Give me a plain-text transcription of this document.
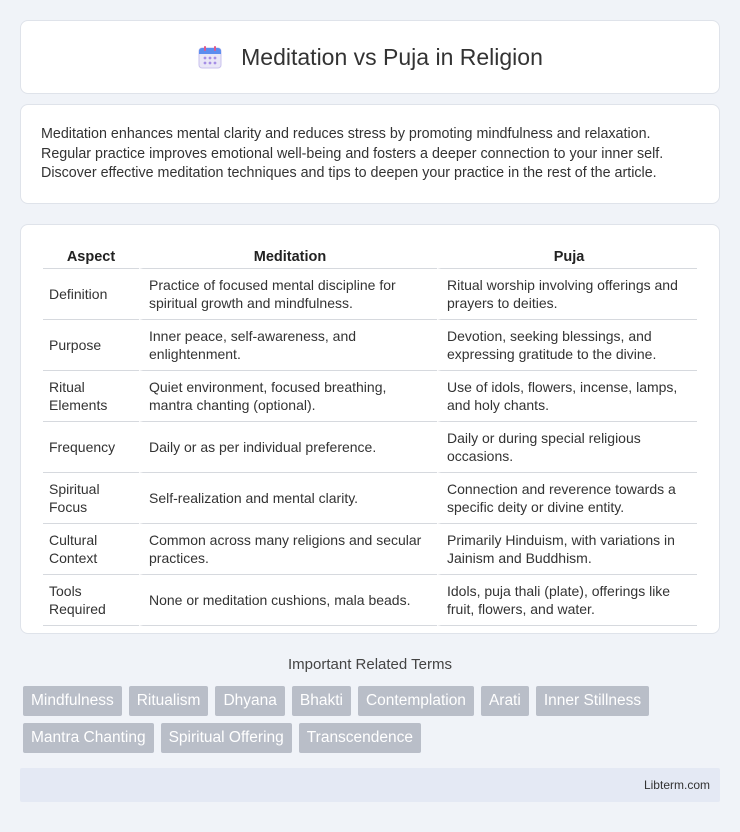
Meditation vs Puja in Religion

Meditation enhances mental clarity and reduces stress by promoting mindfulness and relaxation. Regular practice improves emotional well-being and fosters a deeper connection to your inner self. Discover effective meditation techniques and tips to deepen your practice in the rest of the article.

Aspect	Meditation	Puja
Definition	Practice of focused mental discipline for spiritual growth and mindfulness.	Ritual worship involving offerings and prayers to deities.
Purpose	Inner peace, self-awareness, and enlightenment.	Devotion, seeking blessings, and expressing gratitude to the divine.
Ritual Elements	Quiet environment, focused breathing, mantra chanting (optional).	Use of idols, flowers, incense, lamps, and holy chants.
Frequency	Daily or as per individual preference.	Daily or during special religious occasions.
Spiritual Focus	Self-realization and mental clarity.	Connection and reverence towards a specific deity or divine entity.
Cultural Context	Common across many religions and secular practices.	Primarily Hinduism, with variations in Jainism and Buddhism.
Tools Required	None or meditation cushions, mala beads.	Idols, puja thali (plate), offerings like fruit, flowers, and water.
Important Related Terms
Mindfulness	Ritualism	Dhyana	Bhakti	Contemplation	Arati	Inner Stillness
Mantra Chanting	Spiritual Offering	Transcendence
Libterm.com
